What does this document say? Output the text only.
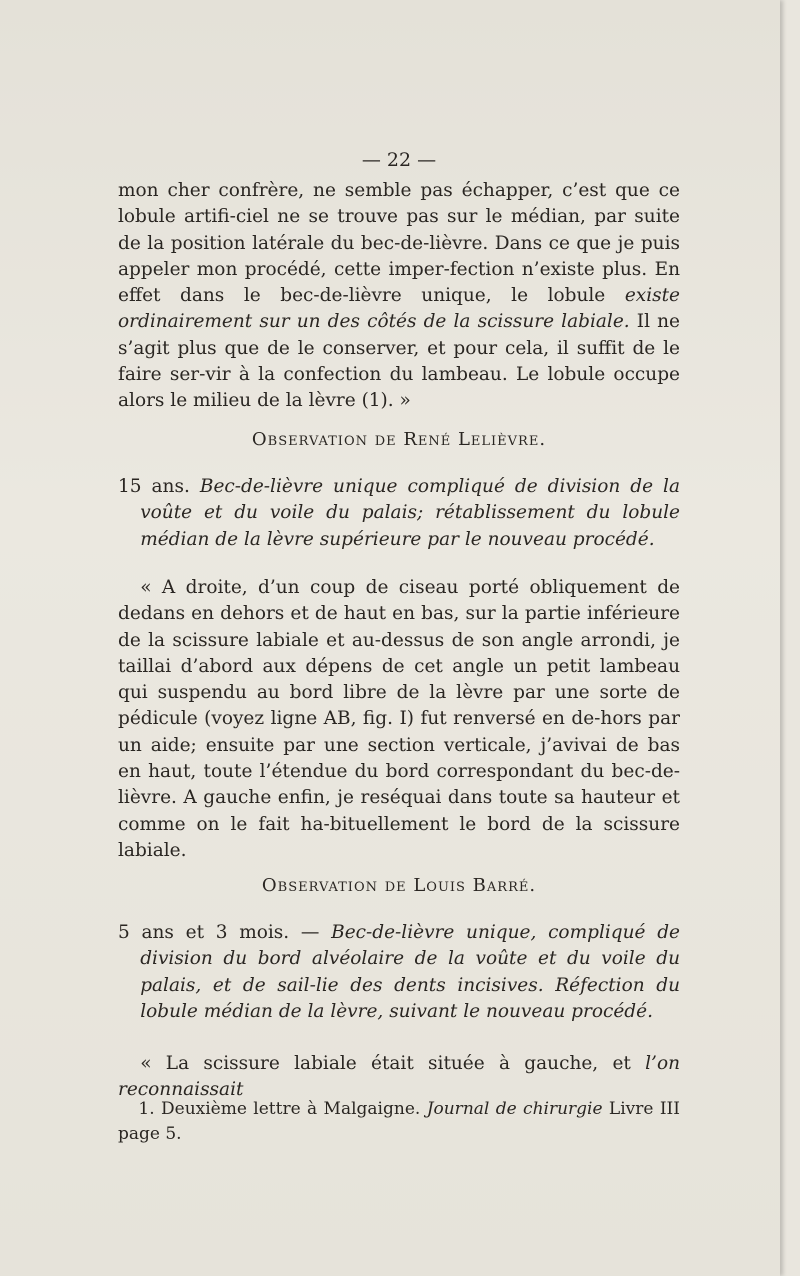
— 22 —

mon cher confrère, ne semble pas échapper, c’est que ce lobule artifi-ciel ne se trouve pas sur le médian, par suite de la position latérale du bec-de-lièvre. Dans ce que je puis appeler mon procédé, cette imper-fection n’existe plus. En effet dans le bec-de-lièvre unique, le lobule existe ordinairement sur un des côtés de la scissure labiale. Il ne s’agit plus que de le conserver, et pour cela, il suffit de le faire ser-vir à la confection du lambeau. Le lobule occupe alors le milieu de la lèvre (1). »

Observation de René Lelièvre.

15 ans. Bec-de-lièvre unique compliqué de division de la voûte et du voile du palais; rétablissement du lobule médian de la lèvre supérieure par le nouveau procédé.

« A droite, d’un coup de ciseau porté obliquement de dedans en dehors et de haut en bas, sur la partie inférieure de la scissure labiale et au-dessus de son angle arrondi, je taillai d’abord aux dépens de cet angle un petit lambeau qui suspendu au bord libre de la lèvre par une sorte de pédicule (voyez ligne AB, fig. I) fut renversé en de-hors par un aide; ensuite par une section verticale, j’avivai de bas en haut, toute l’étendue du bord correspondant du bec-de-lièvre. A gauche enfin, je reséquai dans toute sa hauteur et comme on le fait ha-bituellement le bord de la scissure labiale.

Observation de Louis Barré.

5 ans et 3 mois. — Bec-de-lièvre unique, compliqué de division du bord alvéolaire de la voûte et du voile du palais, et de sail-lie des dents incisives. Réfection du lobule médian de la lèvre, suivant le nouveau procédé.

« La scissure labiale était située à gauche, et l’on reconnaissait

1. Deuxième lettre à Malgaigne. Journal de chirurgie Livre III page 5.
